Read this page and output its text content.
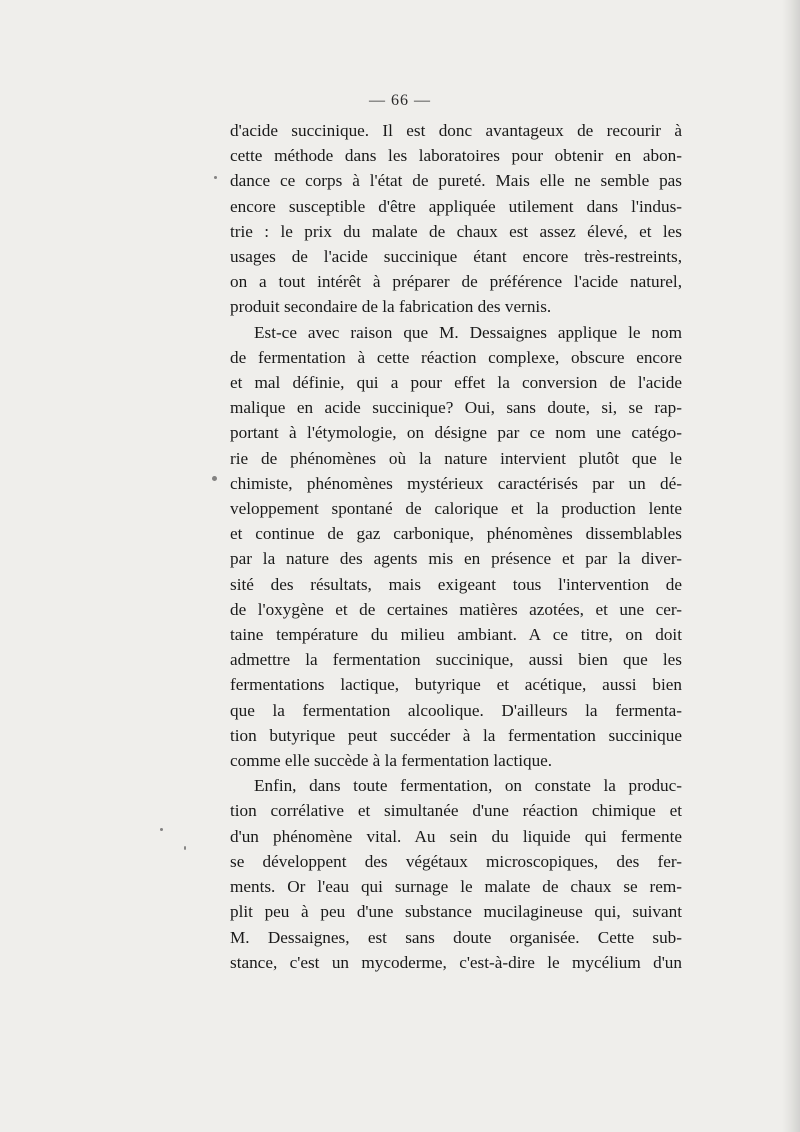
— 66 —
d'acide succinique. Il est donc avantageux de recourir à
cette méthode dans les laboratoires pour obtenir en abon-
dance ce corps à l'état de pureté. Mais elle ne semble pas
encore susceptible d'être appliquée utilement dans l'indus-
trie : le prix du malate de chaux est assez élevé, et les
usages de l'acide succinique étant encore très-restreints,
on a tout intérêt à préparer de préférence l'acide naturel,
produit secondaire de la fabrication des vernis.
Est-ce avec raison que M. Dessaignes applique le nom
de fermentation à cette réaction complexe, obscure encore
et mal définie, qui a pour effet la conversion de l'acide
malique en acide succinique? Oui, sans doute, si, se rap-
portant à l'étymologie, on désigne par ce nom une catégo-
rie de phénomènes où la nature intervient plutôt que le
chimiste, phénomènes mystérieux caractérisés par un dé-
veloppement spontané de calorique et la production lente
et continue de gaz carbonique, phénomènes dissemblables
par la nature des agents mis en présence et par la diver-
sité des résultats, mais exigeant tous l'intervention de
de l'oxygène et de certaines matières azotées, et une cer-
taine température du milieu ambiant. A ce titre, on doit
admettre la fermentation succinique, aussi bien que les
fermentations lactique, butyrique et acétique, aussi bien
que la fermentation alcoolique. D'ailleurs la fermenta-
tion butyrique peut succéder à la fermentation succinique
comme elle succède à la fermentation lactique.
Enfin, dans toute fermentation, on constate la produc-
tion corrélative et simultanée d'une réaction chimique et
d'un phénomène vital. Au sein du liquide qui fermente
se développent des végétaux microscopiques, des fer-
ments. Or l'eau qui surnage le malate de chaux se rem-
plit peu à peu d'une substance mucilagineuse qui, suivant
M. Dessaignes, est sans doute organisée. Cette sub-
stance, c'est un mycoderme, c'est-à-dire le mycélium d'un
